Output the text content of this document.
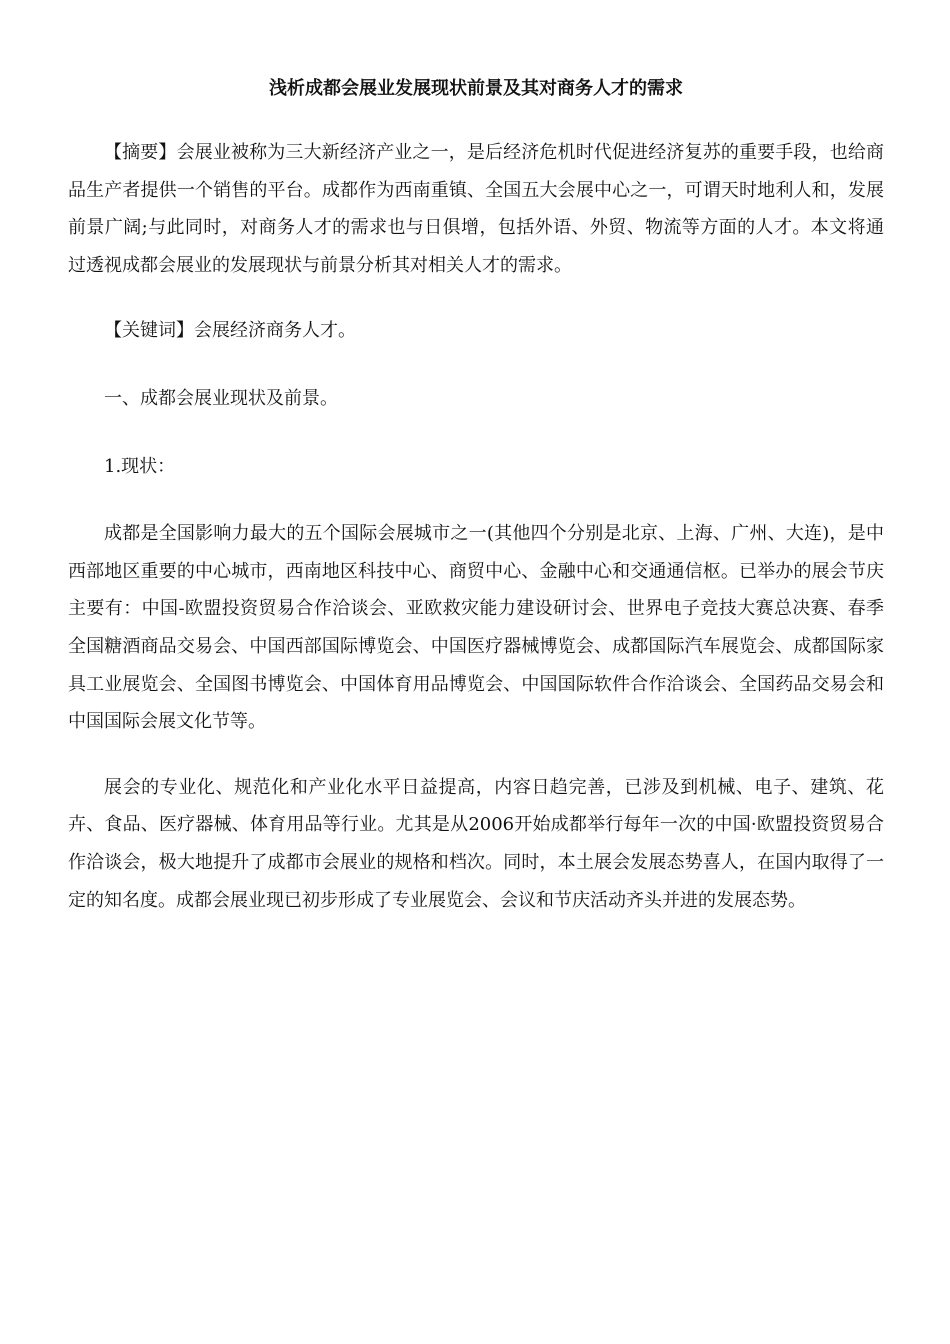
浅析成都会展业发展现状前景及其对商务人才的需求

【摘要】会展业被称为三大新经济产业之一，是后经济危机时代促进经济复苏的重要手段，也给商品生产者提供一个销售的平台。成都作为西南重镇、全国五大会展中心之一，可谓天时地利人和，发展前景广阔;与此同时，对商务人才的需求也与日俱增，包括外语、外贸、物流等方面的人才。本文将通过透视成都会展业的发展现状与前景分析其对相关人才的需求。

【关键词】会展经济商务人才。

一、成都会展业现状及前景。

1.现状：

成都是全国影响力最大的五个国际会展城市之一(其他四个分别是北京、上海、广州、大连)，是中西部地区重要的中心城市，西南地区科技中心、商贸中心、金融中心和交通通信枢。已举办的展会节庆主要有：中国-欧盟投资贸易合作洽谈会、亚欧救灾能力建设研讨会、世界电子竞技大赛总决赛、春季全国糖酒商品交易会、中国西部国际博览会、中国医疗器械博览会、成都国际汽车展览会、成都国际家具工业展览会、全国图书博览会、中国体育用品博览会、中国国际软件合作洽谈会、全国药品交易会和中国国际会展文化节等。

展会的专业化、规范化和产业化水平日益提高，内容日趋完善，已涉及到机械、电子、建筑、花卉、食品、医疗器械、体育用品等行业。尤其是从2006开始成都举行每年一次的中国·欧盟投资贸易合作洽谈会，极大地提升了成都市会展业的规格和档次。同时，本土展会发展态势喜人，在国内取得了一定的知名度。成都会展业现已初步形成了专业展览会、会议和节庆活动齐头并进的发展态势。
